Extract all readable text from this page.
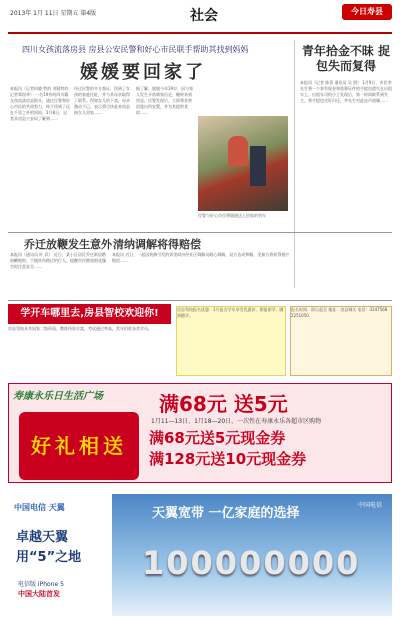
2013年 1月 11日 星期五 第4版	社会	今日寿县
四川女孩流落房县 房县公安民警和好心市民联手帮助其找到妈妈
媛媛要回家了
本报讯（记者何晓 特约 刘莉特约记者郑国华） 一名19岁的四川籍女孩流落房县街头，通过民警和好心市民的共同努力，终于找到了远在千里之外的妈妈。1月8日，记者从房县公安局了解到……
经过民警的多方查证，找到了女孩的家庭住址，并与其母亲取得了联系。得知女儿的下落，母亲激动不已，表示将尽快赶来房县接女儿回家……
据了解，媛媛今年19岁，因与家人发生矛盾离家出走，辗转来到房县。民警发现后，立即将其带回派出所安置，并为其提供食宿……
民警与好心市民将媛媛送上回家的列车
青年拾金不昧 捉包失而复得
本报讯（记者 陈蓓 通讯员 吴 照） 1月9日，市民李先生将一个装有现金和重要证件的手提包遗失在出租车上。出租车司机小王发现后，第一时间联系到失主，将手提包完好归还，李先生对此连声道谢……
乔迁放鞭发生意外
本报讯（通讯员 叶 武） 近日，某小区居民乔迁新居燃放鞭炮时，不慎炸伤路过的行人。提醒市民燃放烟花爆竹时注意安全……
清纳调解将得赔偿
本报讯 近日，一起因装修引发的邻里纠纷经社区调解员耐心调解，双方达成和解，受损方将获得相应赔偿……
学开车哪里去,房县智校欢迎你!
房县驾校具有国家二级资质，教练经验丰富，考试通过率高，常年招收各类学员。
房县驾校报名优惠：1月报名学车享受优惠价，即报即学，随到随学。
报名时间：即日起至 地址：房县城关 电话：3247568 2251050
寿康永乐日生活广场	满68元 送5元
好礼相送
1月11—13日、1月18—20日，一次性在寿康永乐各超市区购物
满68元送5元现金券
满128元送10元现金券
中国电信 天翼
卓越天翼
用“5”之地
电信版 iPhone 5
中国大陆首发
天翼宽带 一亿家庭的选择
中国电信
100000000
